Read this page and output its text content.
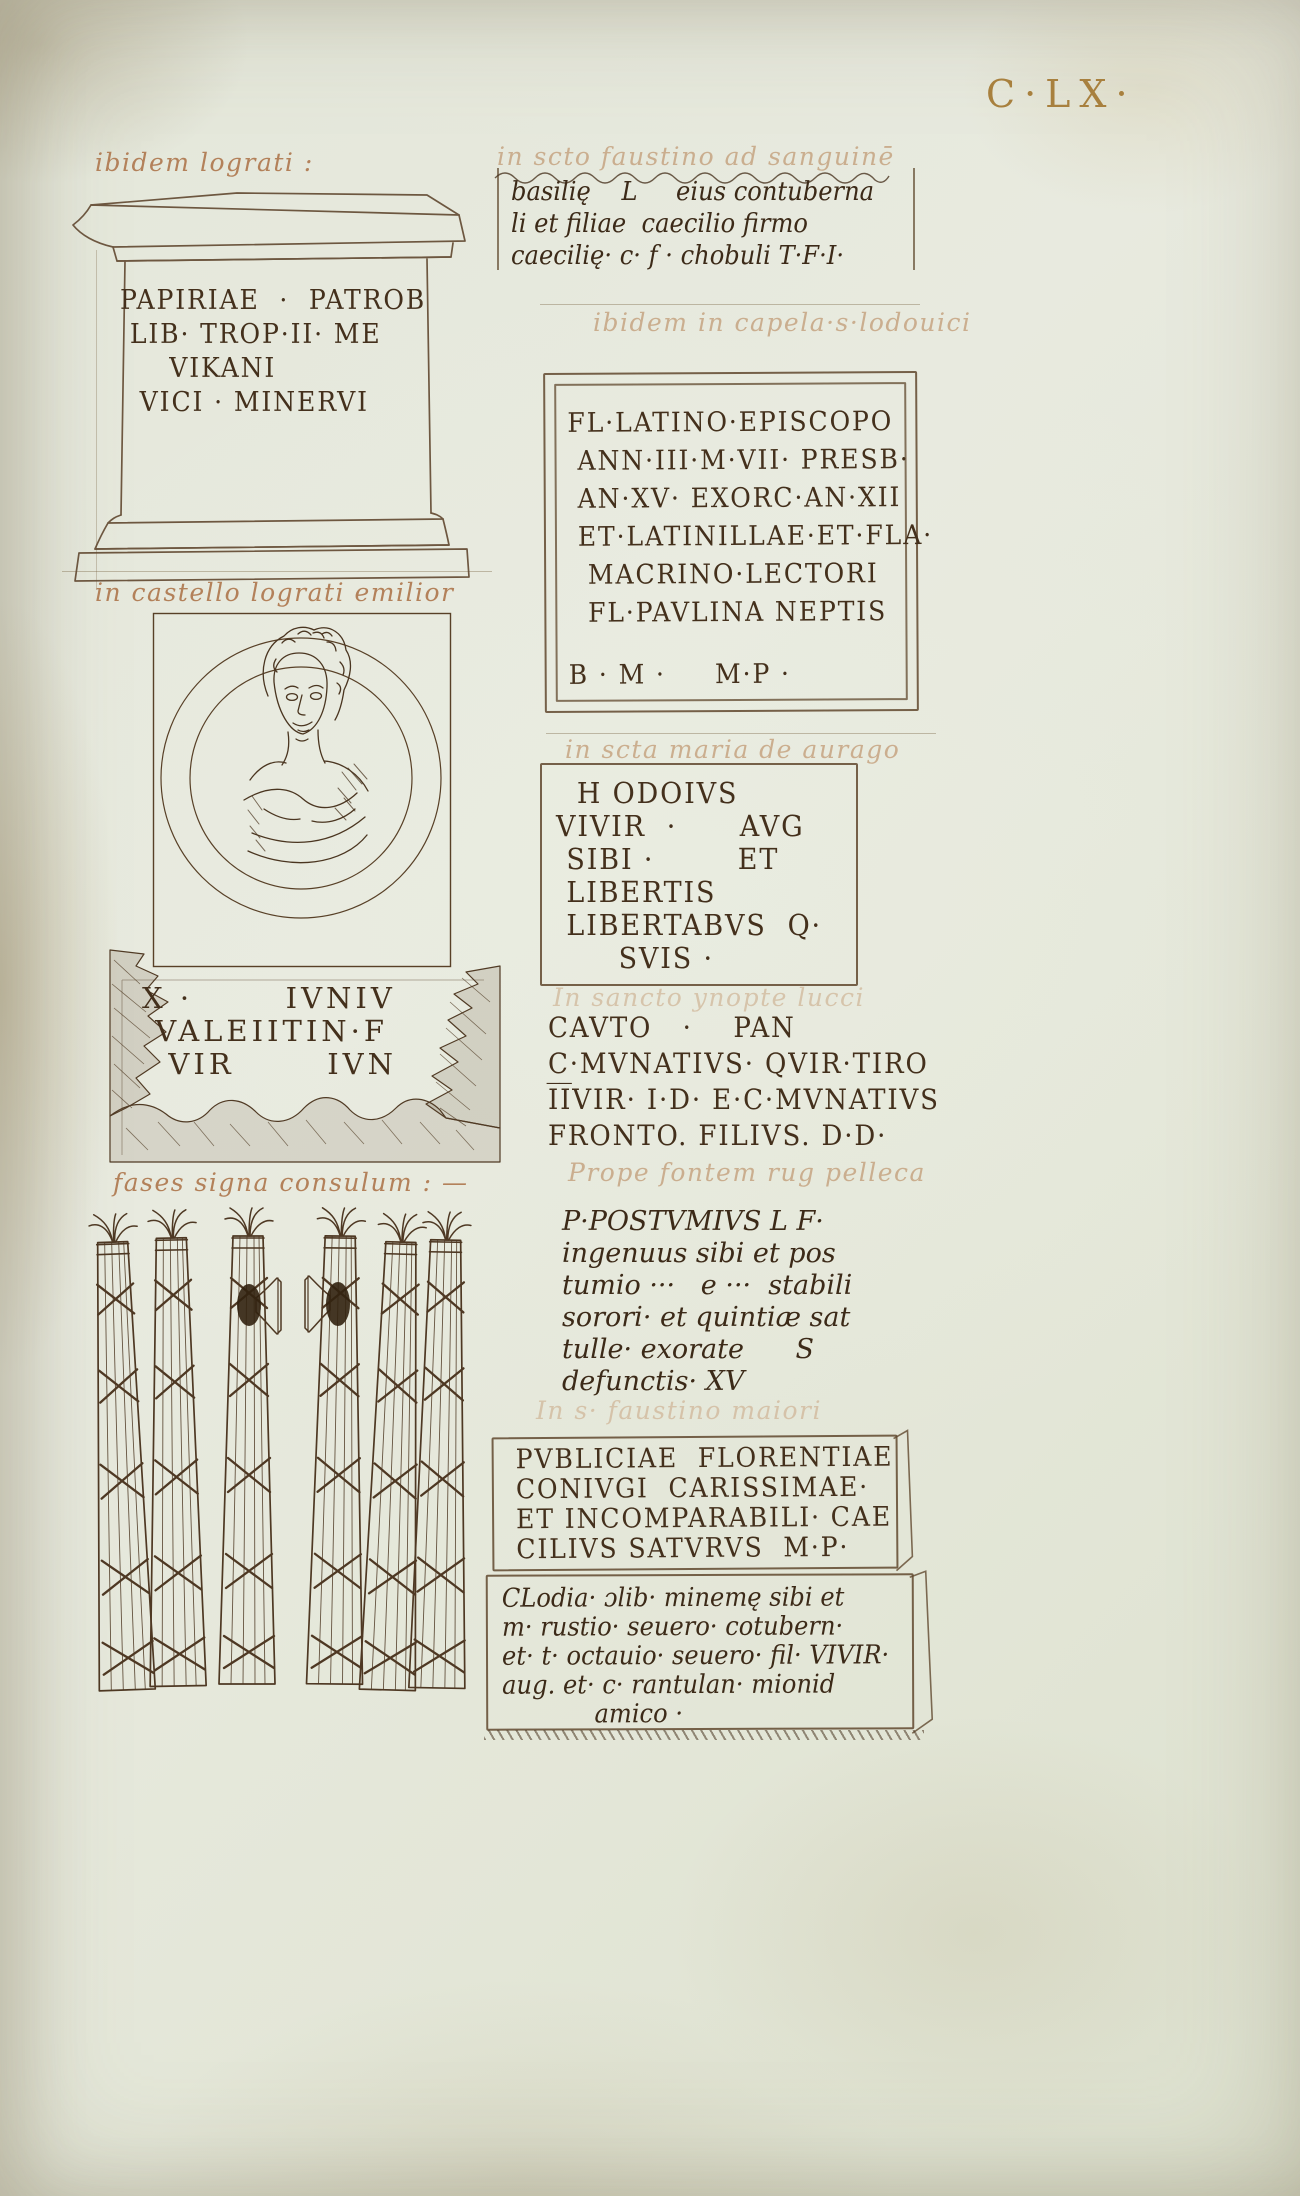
C·LX·
ibidem lograti :
PAPIRIAE  ·  PATROB
LIB· TROP·II· ME
VIKANI
VICI · MINERVI
in castello lograti emilior
X ·       IVNIV
VALEIITIN·F
VIR       IVN
fases signa consulum : —
in scto faustino ad sanguinē
basilię    L     eius contuberna
li et filiae  caecilio firmo
caecilię· c· f · chobuli T·F·I·
ibidem in capela·s·lodouici
FL·LATINO·EPISCOPO
ANN·III·M·VII· PRESB·
AN·XV· EXORC·AN·XII
ET·LATINILLAE·ET·FLA·
MACRINO·LECTORI
FL·PAVLINA NEPTIS
B · M ·     M·P ·
in scta maria de aurago
H ODOIVS
VIVIR  ·      AVG
SIBI ·        ET
LIBERTIS
LIBERTABVS  Q·
SVIS ·
In sancto ynopte lucci
CAVTO   ·    PAN
C·MVNATIVS· QVIR·TIRO
I̅I̅VIR· I·D· E·C·MVNATIVS
FRONTO. FILIVS. D·D·
Prope fontem rug pelleca
P·POSTVMIVS L F·
ingenuus sibi et pos
tumio ···   e ···  stabili
sorori· et quintiæ sat
tulle· exorate      S
defunctis· XV
In s· faustino maiori
PVBLICIAE  FLORENTIAE
CONIVGI  CARISSIMAE·
ET INCOMPARABILI· CAE
CILIVS SATVRVS  M·P·
CLodia· ɔlib· minemę sibi et
m· rustio· seuero· cotubern·
et· t· octauio· seuero· fil· VIVIR·
aug. et· c· rantulan· mionid
amico ·
